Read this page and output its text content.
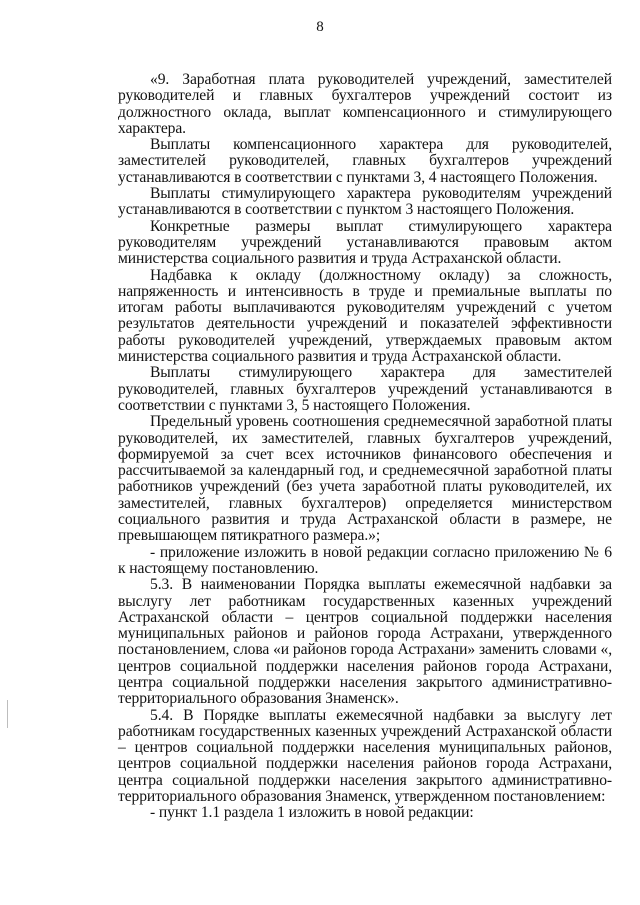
8

«9. Заработная плата руководителей учреждений, заместителей руководителей и главных бухгалтеров учреждений состоит из должностного оклада, выплат компенсационного и стимулирующего характера.

Выплаты компенсационного характера для руководителей, заместителей руководителей, главных бухгалтеров учреждений устанавливаются в соответствии с пунктами 3, 4 настоящего Положения.

Выплаты стимулирующего характера руководителям учреждений устанавливаются в соответствии с пунктом 3 настоящего Положения.

Конкретные размеры выплат стимулирующего характера руководителям учреждений устанавливаются правовым актом министерства социального развития и труда Астраханской области.

Надбавка к окладу (должностному окладу) за сложность, напряженность и интенсивность в труде и премиальные выплаты по итогам работы выплачиваются руководителям учреждений с учетом результатов деятельности учреждений и показателей эффективности работы руководителей учреждений, утверждаемых правовым актом министерства социального развития и труда Астраханской области.

Выплаты стимулирующего характера для заместителей руководителей, главных бухгалтеров учреждений устанавливаются в соответствии с пунктами 3, 5 настоящего Положения.

Предельный уровень соотношения среднемесячной заработной платы руководителей, их заместителей, главных бухгалтеров учреждений, формируемой за счет всех источников финансового обеспечения и рассчитываемой за календарный год, и среднемесячной заработной платы работников учреждений (без учета заработной платы руководителей, их заместителей, главных бухгалтеров) определяется министерством социального развития и труда Астраханской области в размере, не превышающем пятикратного размера.»;

- приложение изложить в новой редакции согласно приложению № 6 к настоящему постановлению.

5.3. В наименовании Порядка выплаты ежемесячной надбавки за выслугу лет работникам государственных казенных учреждений Астраханской области – центров социальной поддержки населения муниципальных районов и районов города Астрахани, утвержденного постановлением, слова «и районов города Астрахани» заменить словами «, центров социальной поддержки населения районов города Астрахани, центра социальной поддержки населения закрытого административно-территориального образования Знаменск».

5.4. В Порядке выплаты ежемесячной надбавки за выслугу лет работникам государственных казенных учреждений Астраханской области – центров социальной поддержки населения муниципальных районов, центров социальной поддержки населения районов города Астрахани, центра социальной поддержки населения закрытого административно-территориального образования Знаменск, утвержденном постановлением:

- пункт 1.1 раздела 1 изложить в новой редакции:
